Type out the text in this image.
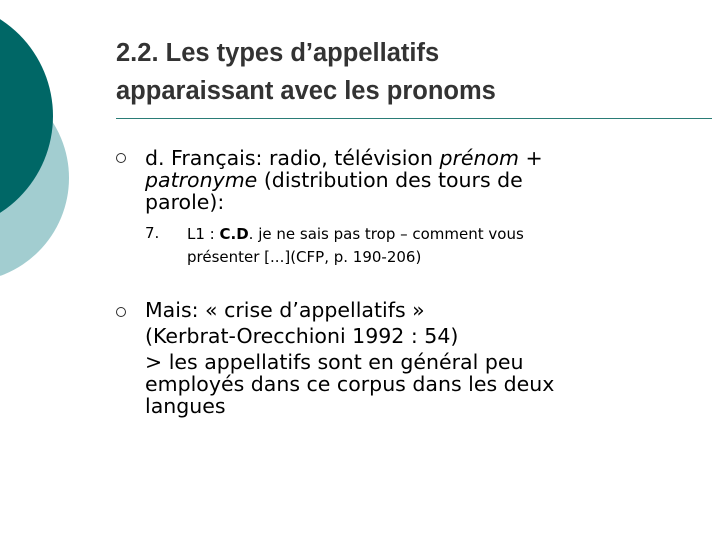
2.2. Les types d’appellatifs
apparaissant avec les pronoms
d. Français: radio, télévision prénom +
patronyme (distribution des tours de
parole):
7. L1 : C.D. je ne sais pas trop – comment vous
présenter [...](CFP, p. 190-206)
Mais: « crise d’appellatifs »
(Kerbrat-Orecchioni 1992 : 54)
> les appellatifs sont en général peu
employés dans ce corpus dans les deux
langues
